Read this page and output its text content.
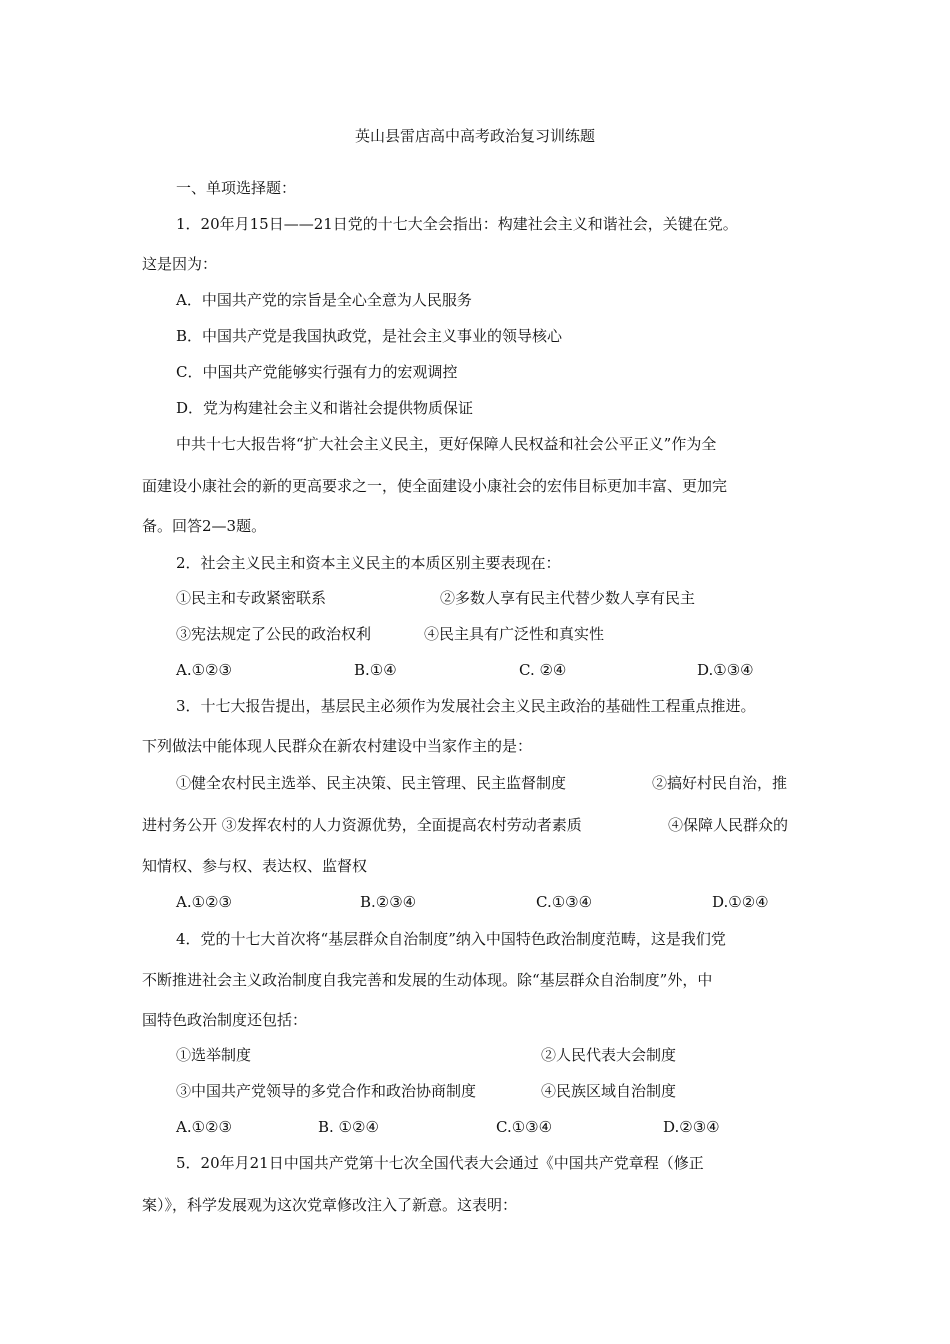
英山县雷店高中高考政治复习训练题
一、单项选择题：
1．20年月15日——21日党的十七大全会指出：构建社会主义和谐社会，关键在党。
这是因为：
A．中国共产党的宗旨是全心全意为人民服务
B．中国共产党是我国执政党，是社会主义事业的领导核心
C．中国共产党能够实行强有力的宏观调控
D．党为构建社会主义和谐社会提供物质保证
中共十七大报告将“扩大社会主义民主，更好保障人民权益和社会公平正义”作为全
面建设小康社会的新的更高要求之一，使全面建设小康社会的宏伟目标更加丰富、更加完
备。回答2—3题。
2．社会主义民主和资本主义民主的本质区别主要表现在：
①民主和专政紧密联系	②多数人享有民主代替少数人享有民主
③宪法规定了公民的政治权利	④民主具有广泛性和真实性
A.①②③	B.①④	C. ②④	D.①③④
3．十七大报告提出，基层民主必须作为发展社会主义民主政治的基础性工程重点推进。
下列做法中能体现人民群众在新农村建设中当家作主的是：
①健全农村民主选举、民主决策、民主管理、民主监督制度	②搞好村民自治，推
进村务公开 ③发挥农村的人力资源优势，全面提高农村劳动者素质	④保障人民群众的
知情权、参与权、表达权、监督权
A.①②③	B.②③④	C.①③④	D.①②④
4．党的十七大首次将“基层群众自治制度”纳入中国特色政治制度范畴，这是我们党
不断推进社会主义政治制度自我完善和发展的生动体现。除“基层群众自治制度”外，中
国特色政治制度还包括：
①选举制度	②人民代表大会制度
③中国共产党领导的多党合作和政治协商制度	④民族区域自治制度
A.①②③	B. ①②④	C.①③④	D.②③④
5．20年月21日中国共产党第十七次全国代表大会通过《中国共产党章程（修正
案）》，科学发展观为这次党章修改注入了新意。这表明：
